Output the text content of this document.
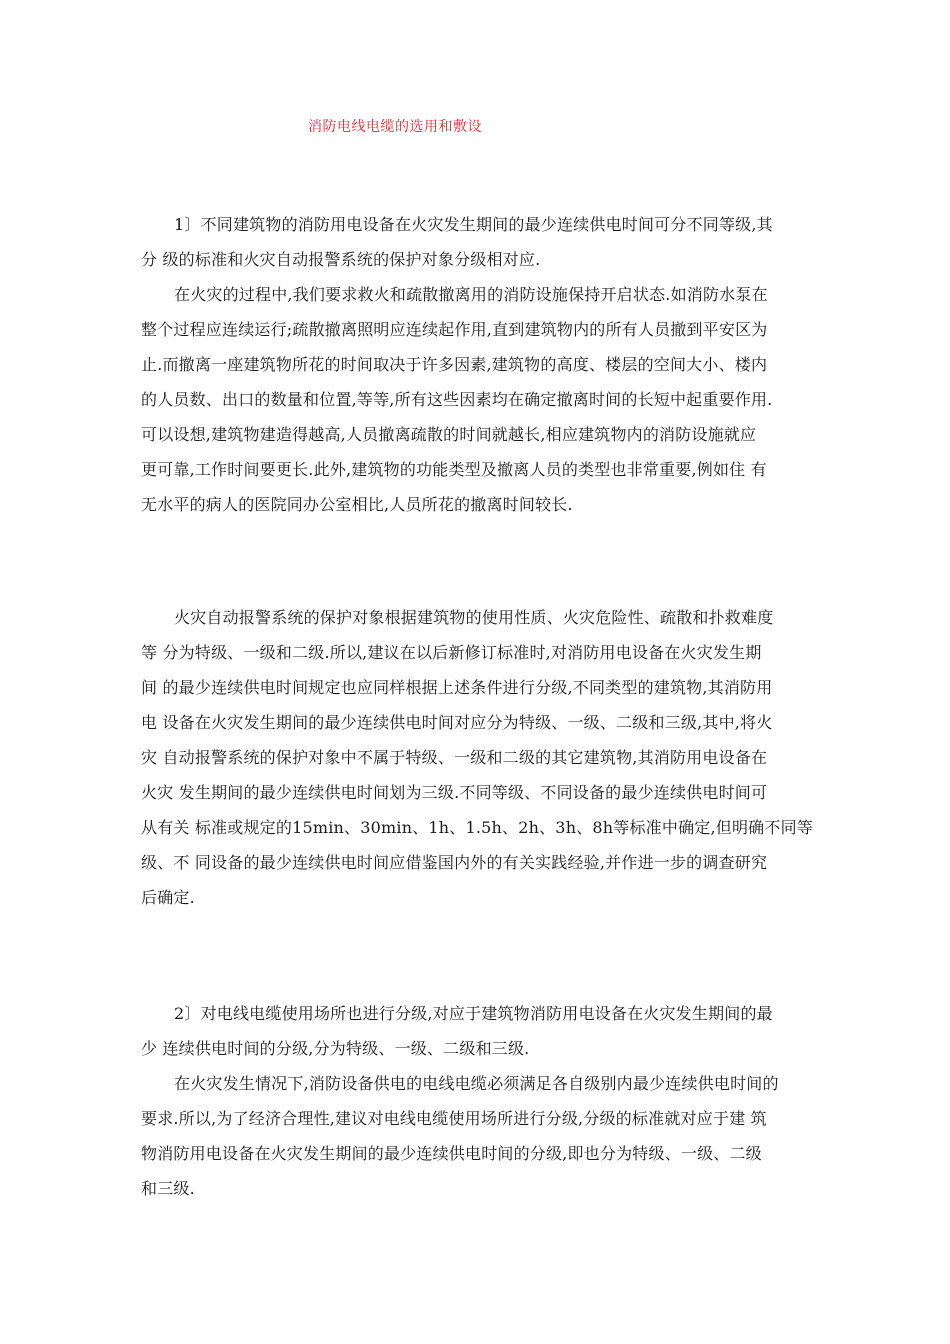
消防电线电缆的选用和敷设
1〕不同建筑物的消防用电设备在火灾发生期间的最少连续供电时间可分不同等级,其
分 级的标准和火灾自动报警系统的保护对象分级相对应.
在火灾的过程中,我们要求救火和疏散撤离用的消防设施保持开启状态.如消防水泵在
整个过程应连续运行;疏散撤离照明应连续起作用,直到建筑物内的所有人员撤到平安区为
止.而撤离一座建筑物所花的时间取决于许多因素,建筑物的高度、楼层的空间大小、楼内
的人员数、出口的数量和位置,等等,所有这些因素均在确定撤离时间的长短中起重要作用.
可以设想,建筑物建造得越高,人员撤离疏散的时间就越长,相应建筑物内的消防设施就应
更可靠,工作时间要更长.此外,建筑物的功能类型及撤离人员的类型也非常重要,例如住 有
无水平的病人的医院同办公室相比,人员所花的撤离时间较长.
火灾自动报警系统的保护对象根据建筑物的使用性质、火灾危险性、疏散和扑救难度
等 分为特级、一级和二级.所以,建议在以后新修订标准时,对消防用电设备在火灾发生期
间 的最少连续供电时间规定也应同样根据上述条件进行分级,不同类型的建筑物,其消防用
电 设备在火灾发生期间的最少连续供电时间对应分为特级、一级、二级和三级,其中,将火
灾 自动报警系统的保护对象中不属于特级、一级和二级的其它建筑物,其消防用电设备在
火灾 发生期间的最少连续供电时间划为三级.不同等级、不同设备的最少连续供电时间可
从有关 标准或规定的15min、30min、1h、1.5h、2h、3h、8h等标准中确定,但明确不同等
级、不 同设备的最少连续供电时间应借鉴国内外的有关实践经验,并作进一步的调查研究
后确定.
2〕对电线电缆使用场所也进行分级,对应于建筑物消防用电设备在火灾发生期间的最
少 连续供电时间的分级,分为特级、一级、二级和三级.
在火灾发生情况下,消防设备供电的电线电缆必须满足各自级别内最少连续供电时间的
要求.所以,为了经济合理性,建议对电线电缆使用场所进行分级,分级的标准就对应于建 筑
物消防用电设备在火灾发生期间的最少连续供电时间的分级,即也分为特级、一级、二级
和三级.
